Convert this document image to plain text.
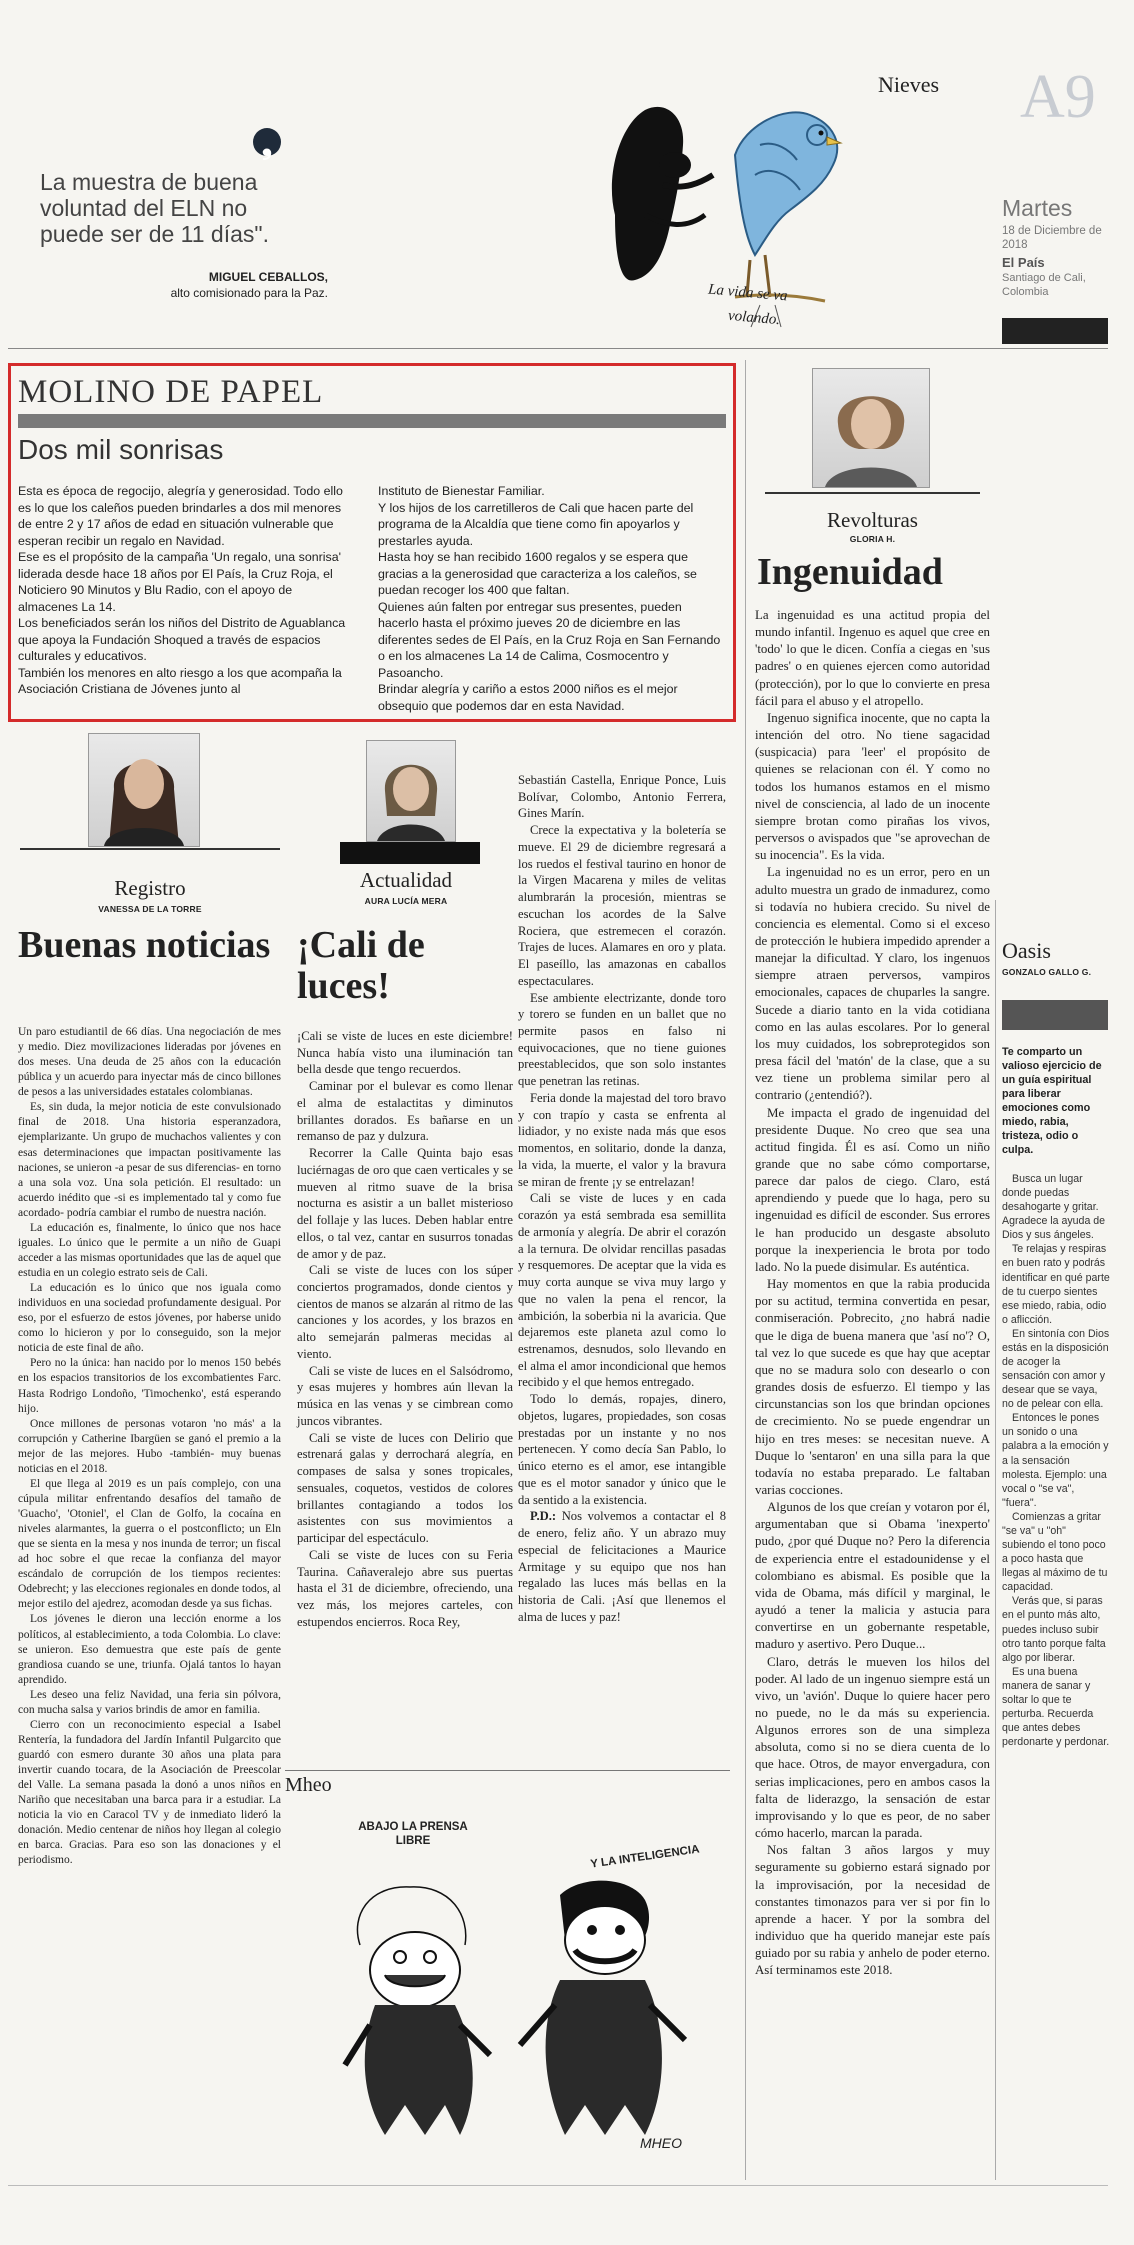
❟
La muestra de buena voluntad del ELN no puede ser de 11 días".
MIGUEL CEBALLOS,
alto comisionado para la Paz.	La vida se va
volando.
Nieves A9
Martes
18 de Diciembre de 2018
El País
Santiago de Cali, Colombia
MOLINO DE PAPEL
Dos mil sonrisas

Esta es época de regocijo, alegría y generosidad. Todo ello es lo que los caleños pueden brindarles a dos mil menores de entre 2 y 17 años de edad en situación vulnerable que esperan recibir un regalo en Navidad.

Ese es el propósito de la campaña 'Un regalo, una sonrisa' liderada desde hace 18 años por El País, la Cruz Roja, el Noticiero 90 Minutos y Blu Radio, con el apoyo de almacenes La 14.

Los beneficiados serán los niños del Distrito de Aguablanca que apoya la Fundación Shoqued a través de espacios culturales y educativos.

También los menores en alto riesgo a los que acompaña la Asociación Cristiana de Jóvenes junto al

Instituto de Bienestar Familiar.

Y los hijos de los carretilleros de Cali que hacen parte del programa de la Alcaldía que tiene como fin apoyarlos y prestarles ayuda.

Hasta hoy se han recibido 1600 regalos y se espera que gracias a la generosidad que caracteriza a los caleños, se puedan recoger los 400 que faltan.

Quienes aún falten por entregar sus presentes, pueden hacerlo hasta el próximo jueves 20 de diciembre en las diferentes sedes de El País, en la Cruz Roja en San Fernando o en los almacenes La 14 de Calima, Cosmocentro y Pasoancho.

Brindar alegría y cariño a estos 2000 niños es el mejor obsequio que podemos dar en esta Navidad.

Registro
VANESSA DE LA TORRE
Buenas noticias

Un paro estudiantil de 66 días. Una negociación de mes y medio. Diez movilizaciones lideradas por jóvenes en dos meses. Una deuda de 25 años con la educación pública y un acuerdo para inyectar más de cinco billones de pesos a las universidades estatales colombianas.

Es, sin duda, la mejor noticia de este convulsionado final de 2018. Una historia esperanzadora, ejemplarizante. Un grupo de muchachos valientes y con esas determinaciones que impactan positivamente las naciones, se unieron -a pesar de sus diferencias- en torno a una sola voz. Una sola petición. El resultado: un acuerdo inédito que -si es implementado tal y como fue acordado- podría cambiar el rumbo de nuestra nación.

La educación es, finalmente, lo único que nos hace iguales. Lo único que le permite a un niño de Guapi acceder a las mismas oportunidades que las de aquel que estudia en un colegio estrato seis de Cali.

La educación es lo único que nos iguala como individuos en una sociedad profundamente desigual. Por eso, por el esfuerzo de estos jóvenes, por haberse unido como lo hicieron y por lo conseguido, son la mejor noticia de este final de año.

Pero no la única: han nacido por lo menos 150 bebés en los espacios transitorios de los excombatientes Farc. Hasta Rodrigo Londoño, 'Timochenko', está esperando hijo.

Once millones de personas votaron 'no más' a la corrupción y Catherine Ibargüen se ganó el premio a la mejor de las mejores. Hubo -también- muy buenas noticias en el 2018.

El que llega al 2019 es un país complejo, con una cúpula militar enfrentando desafíos del tamaño de 'Guacho', 'Otoniel', el Clan de Golfo, la cocaína en niveles alarmantes, la guerra o el postconflicto; un Eln que se sienta en la mesa y nos inunda de terror; un fiscal ad hoc sobre el que recae la confianza del mayor escándalo de corrupción de los tiempos recientes: Odebrecht; y las elecciones regionales en donde todos, al mejor estilo del ajedrez, acomodan desde ya sus fichas.

Los jóvenes le dieron una lección enorme a los políticos, al establecimiento, a toda Colombia. Lo clave: se unieron. Eso demuestra que este país de gente grandiosa cuando se une, triunfa. Ojalá tantos lo hayan aprendido.

Les deseo una feliz Navidad, una feria sin pólvora, con mucha salsa y varios brindis de amor en familia.

Cierro con un reconocimiento especial a Isabel Rentería, la fundadora del Jardín Infantil Pulgarcito que guardó con esmero durante 30 años una plata para invertir cuando tocara, de la Asociación de Preescolar del Valle. La semana pasada la donó a unos niños en Nariño que necesitaban una barca para ir a estudiar. La noticia la vio en Caracol TV y de inmediato lideró la donación. Medio centenar de niños hoy llegan al colegio en barca. Gracias. Para eso son las donaciones y el periodismo.

Actualidad
AURA LUCÍA MERA
¡Cali de luces!

¡Cali se viste de luces en este diciembre! Nunca había visto una iluminación tan bella desde que tengo recuerdos.

Caminar por el bulevar es como llenar el alma de estalactitas y diminutos brillantes dorados. Es bañarse en un remanso de paz y dulzura.

Recorrer la Calle Quinta bajo esas luciérnagas de oro que caen verticales y se mueven al ritmo suave de la brisa nocturna es asistir a un ballet misterioso del follaje y las luces. Deben hablar entre ellos, o tal vez, cantar en susurros tonadas de amor y de paz.

Cali se viste de luces con los súper conciertos programados, donde cientos y cientos de manos se alzarán al ritmo de las canciones y los acordes, y los brazos en alto semejarán palmeras mecidas al viento.

Cali se viste de luces en el Salsódromo, y esas mujeres y hombres aún llevan la música en las venas y se cimbrean como juncos vibrantes.

Cali se viste de luces con Delirio que estrenará galas y derrochará alegría, en compases de salsa y sones tropicales, sensuales, coquetos, vestidos de colores brillantes contagiando a todos los asistentes con sus movimientos a participar del espectáculo.

Cali se viste de luces con su Feria Taurina. Cañaveralejo abre sus puertas hasta el 31 de diciembre, ofreciendo, una vez más, los mejores carteles, con estupendos encierros. Roca Rey,

Sebastián Castella, Enrique Ponce, Luis Bolívar, Colombo, Antonio Ferrera, Gines Marín.

Crece la expectativa y la boletería se mueve. El 29 de diciembre regresará a los ruedos el festival taurino en honor de la Virgen Macarena y miles de velitas alumbrarán la procesión, mientras se escuchan los acordes de la Salve Rociera, que estremecen el corazón. Trajes de luces. Alamares en oro y plata. El paseíllo, las amazonas en caballos espectaculares.

Ese ambiente electrizante, donde toro y torero se funden en un ballet que no permite pasos en falso ni equivocaciones, que no tiene guiones preestablecidos, que son solo instantes que penetran las retinas.

Feria donde la majestad del toro bravo y con trapío y casta se enfrenta al lidiador, y no existe nada más que esos momentos, en solitario, donde la danza, la vida, la muerte, el valor y la bravura se miran de frente ¡y se entrelazan!

Cali se viste de luces y en cada corazón ya está sembrada esa semillita de armonía y alegría. De abrir el corazón a la ternura. De olvidar rencillas pasadas y resquemores. De aceptar que la vida es muy corta aunque se viva muy largo y que no valen la pena el rencor, la ambición, la soberbia ni la avaricia. Que dejaremos este planeta azul como lo estrenamos, desnudos, solo llevando en el alma el amor incondicional que hemos recibido y el que hemos entregado.

Todo lo demás, ropajes, dinero, objetos, lugares, propiedades, son cosas prestadas por un instante y no nos pertenecen. Y como decía San Pablo, lo único eterno es el amor, ese intangible que es el motor sanador y único que le da sentido a la existencia.

P.D.: Nos volvemos a contactar el 8 de enero, feliz año. Y un abrazo muy especial de felicitaciones a Maurice Armitage y su equipo que nos han regalado las luces más bellas en la historia de Cali. ¡Así que llenemos el alma de luces y paz!

Mheo
ABAJO LA PRENSA LIBRE
Y LA INTELIGENCIA
MHEO
Revolturas
GLORIA H.
Ingenuidad

La ingenuidad es una actitud propia del mundo infantil. Ingenuo es aquel que cree en 'todo' lo que le dicen. Confía a ciegas en 'sus padres' o en quienes ejercen como autoridad (protección), por lo que lo convierte en presa fácil para el abuso y el atropello.

Ingenuo significa inocente, que no capta la intención del otro. No tiene sagacidad (suspicacia) para 'leer' el propósito de quienes se relacionan con él. Y como no todos los humanos estamos en el mismo nivel de consciencia, al lado de un inocente siempre brotan como pirañas los vivos, perversos o avispados que "se aprovechan de su inocencia". Es la vida.

La ingenuidad no es un error, pero en un adulto muestra un grado de inmadurez, como si todavía no hubiera crecido. Su nivel de conciencia es elemental. Como si el exceso de protección le hubiera impedido aprender a manejar la dificultad. Y claro, los ingenuos siempre atraen perversos, vampiros emocionales, capaces de chuparles la sangre. Sucede a diario tanto en la vida cotidiana como en las aulas escolares. Por lo general los muy cuidados, los sobreprotegidos son presa fácil del 'matón' de la clase, que a su vez tiene un problema similar pero al contrario (¿entendió?).

Me impacta el grado de ingenuidad del presidente Duque. No creo que sea una actitud fingida. Él es así. Como un niño grande que no sabe cómo comportarse, parece dar palos de ciego. Claro, está aprendiendo y puede que lo haga, pero su ingenuidad es difícil de esconder. Sus errores le han producido un desgaste absoluto porque la inexperiencia le brota por todo lado. No la puede disimular. Es auténtica.

Hay momentos en que la rabia producida por su actitud, termina convertida en pesar, conmiseración. Pobrecito, ¿no habrá nadie que le diga de buena manera que 'así no'? O, tal vez lo que sucede es que hay que aceptar que no se madura solo con desearlo o con grandes dosis de esfuerzo. El tiempo y las circunstancias son los que brindan opciones de crecimiento. No se puede engendrar un hijo en tres meses: se necesitan nueve. A Duque lo 'sentaron' en una silla para la que todavía no estaba preparado. Le faltaban varias cocciones.

Algunos de los que creían y votaron por él, argumentaban que si Obama 'inexperto' pudo, ¿por qué Duque no? Pero la diferencia de experiencia entre el estadounidense y el colombiano es abismal. Es posible que la vida de Obama, más difícil y marginal, le ayudó a tener la malicia y astucia para convertirse en un gobernante respetable, maduro y asertivo. Pero Duque...

Claro, detrás le mueven los hilos del poder. Al lado de un ingenuo siempre está un vivo, un 'avión'. Duque lo quiere hacer pero no puede, no le da más su experiencia. Algunos errores son de una simpleza absoluta, como si no se diera cuenta de lo que hace. Otros, de mayor envergadura, con serias implicaciones, pero en ambos casos la falta de liderazgo, la sensación de estar improvisando y lo que es peor, de no saber cómo hacerlo, marcan la parada.

Nos faltan 3 años largos y muy seguramente su gobierno estará signado por la improvisación, por la necesidad de constantes timonazos para ver si por fin lo aprende a hacer. Y por la sombra del individuo que ha querido manejar este país guiado por su rabia y anhelo de poder eterno. Así terminamos este 2018.

Oasis
GONZALO GALLO G.
Te comparto un valioso ejercicio de un guía espiritual para liberar emociones como miedo, rabia, tristeza, odio o culpa.

Busca un lugar donde puedas desahogarte y gritar. Agradece la ayuda de Dios y sus ángeles.

Te relajas y respiras en buen rato y podrás identificar en qué parte de tu cuerpo sientes ese miedo, rabia, odio o aflicción.

En sintonía con Dios estás en la disposición de acoger la sensación con amor y desear que se vaya, no de pelear con ella.

Entonces le pones un sonido o una palabra a la emoción y a la sensación molesta. Ejemplo: una vocal o "se va", "fuera".

Comienzas a gritar "se va" u "oh" subiendo el tono poco a poco hasta que llegas al máximo de tu capacidad.

Verás que, si paras en el punto más alto, puedes incluso subir otro tanto porque falta algo por liberar.

Es una buena manera de sanar y soltar lo que te perturba. Recuerda que antes debes perdonarte y perdonar.
